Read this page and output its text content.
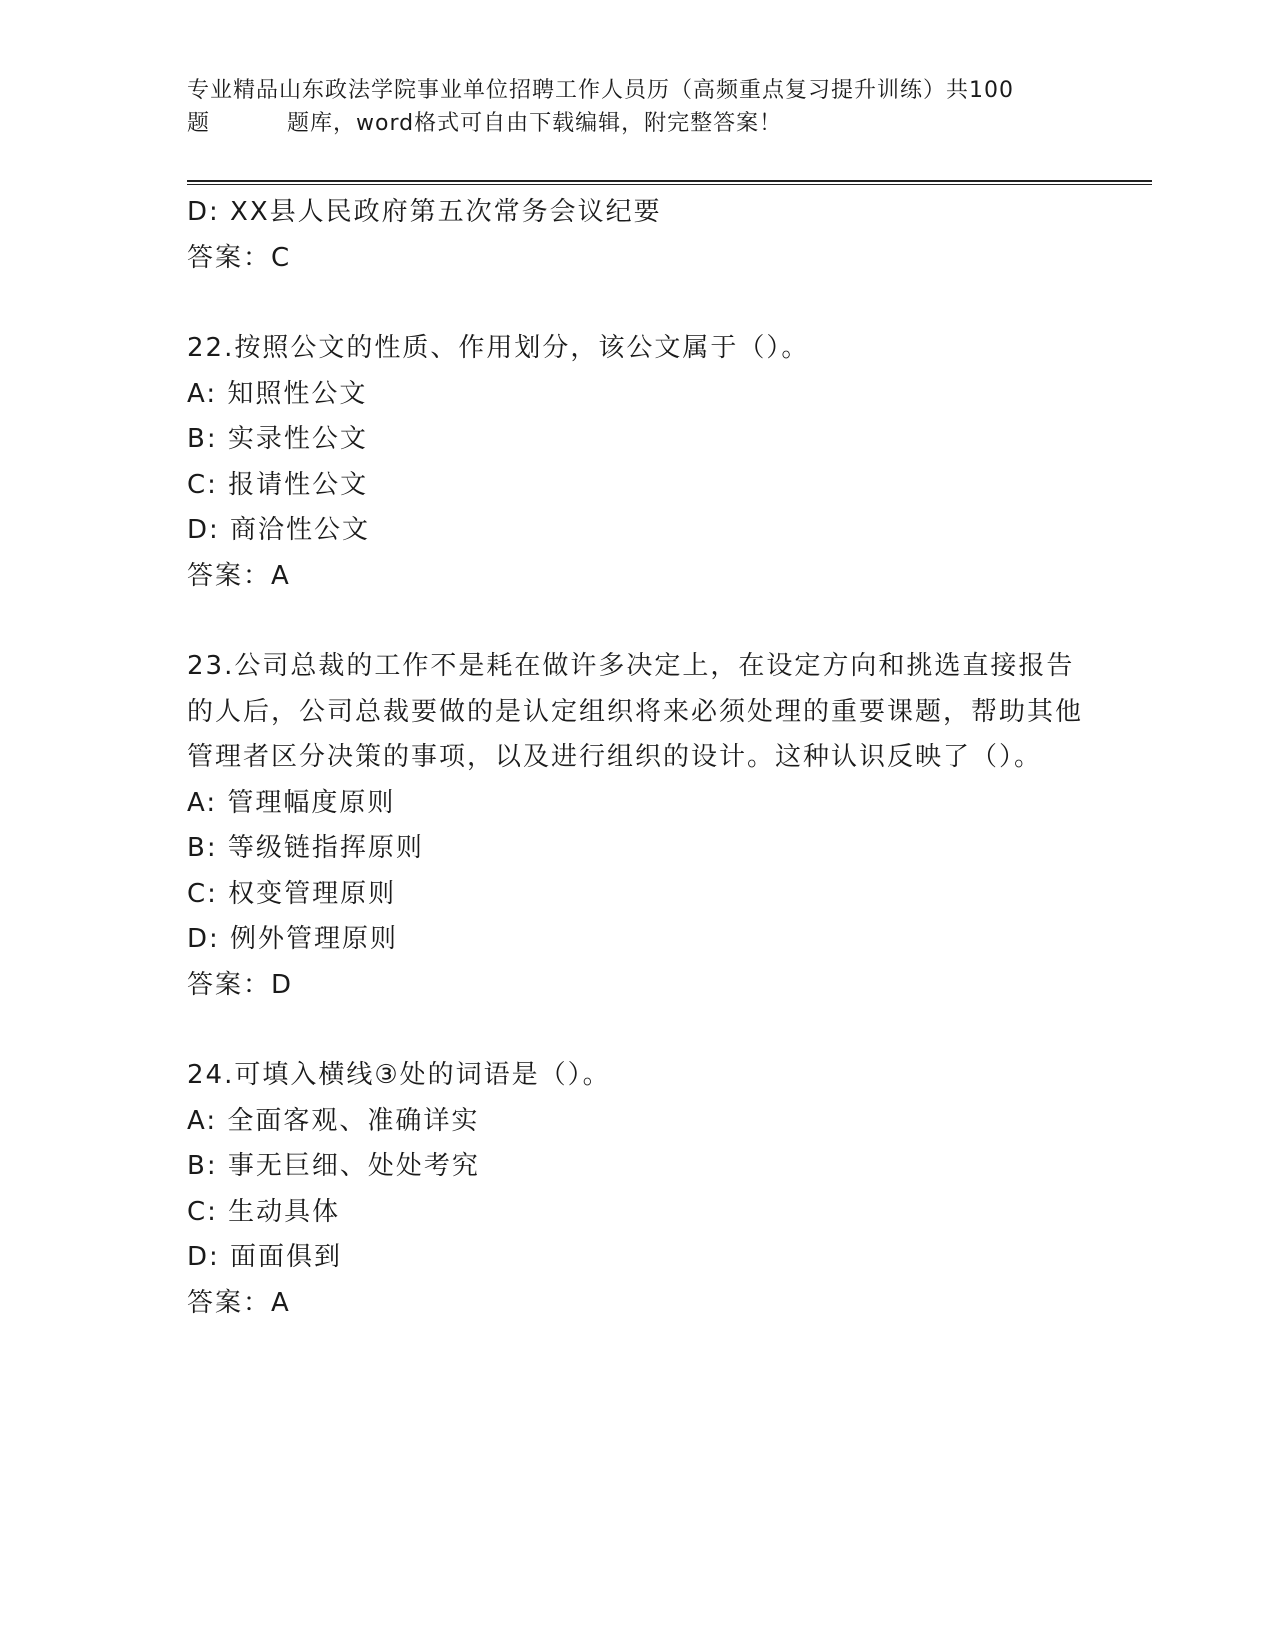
专业精品山东政法学院事业单位招聘工作人员历（高频重点复习提升训练）共100
题	题库，word格式可自由下载编辑，附完整答案！

D: XX县人民政府第五次常务会议纪要

答案：C

22.按照公文的性质、作用划分，该公文属于（）。

A: 知照性公文

B: 实录性公文

C: 报请性公文

D: 商洽性公文

答案：A

23.公司总裁的工作不是耗在做许多决定上，在设定方向和挑选直接报告的人后，公司总裁要做的是认定组织将来必须处理的重要课题，帮助其他管理者区分决策的事项，以及进行组织的设计。这种认识反映了（）。

A: 管理幅度原则

B: 等级链指挥原则

C: 权变管理原则

D: 例外管理原则

答案：D

24.可填入横线③处的词语是（）。

A: 全面客观、准确详实

B: 事无巨细、处处考究

C: 生动具体

D: 面面俱到

答案：A
